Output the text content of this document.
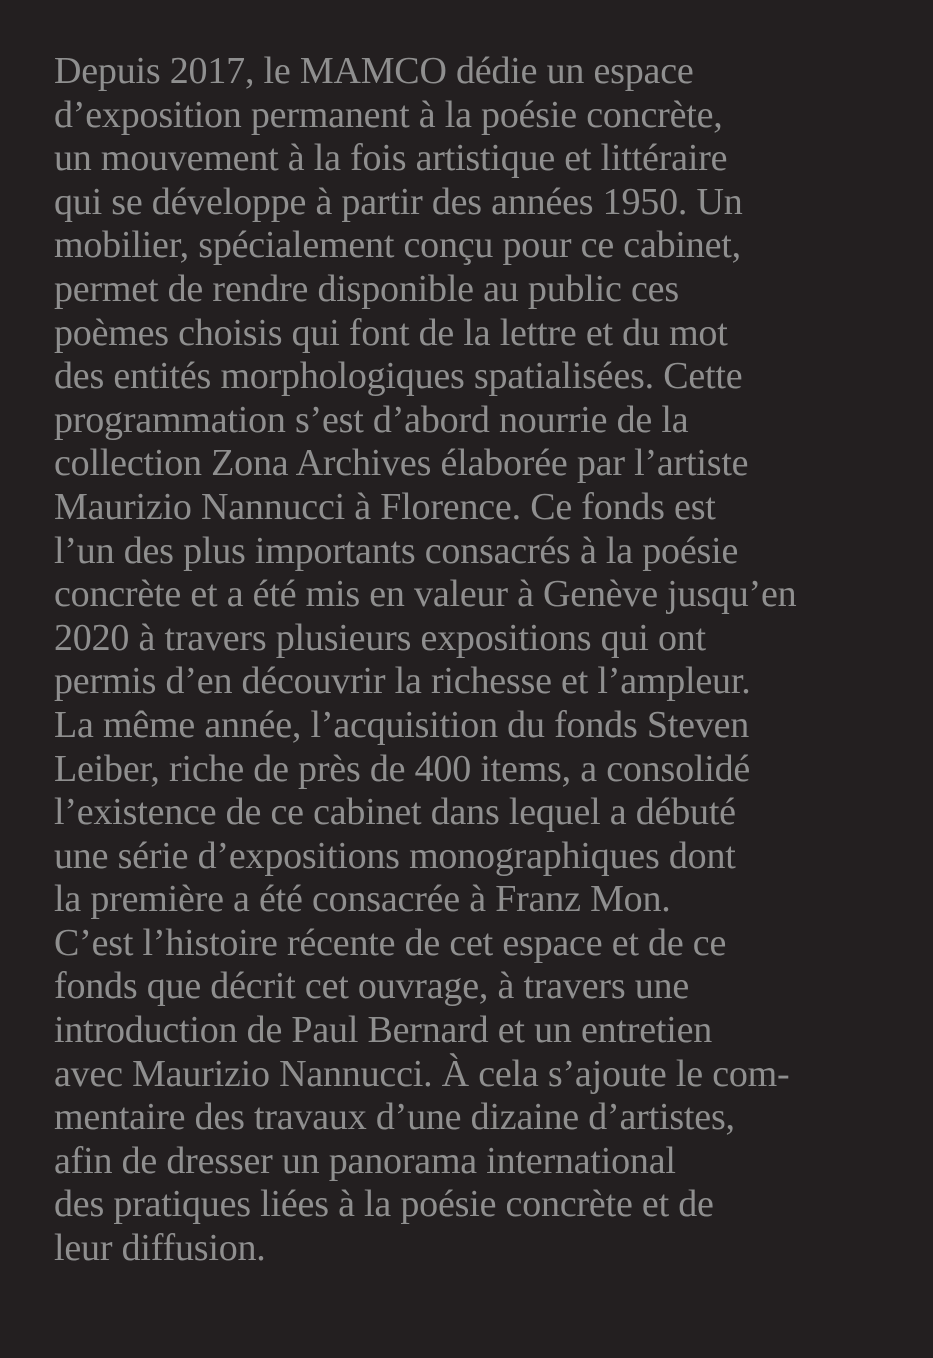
Depuis 2017, le MAMCO dédie un espace
d’exposition permanent à la poésie concrète,
un mouvement à la fois artistique et littéraire
qui se développe à partir des années 1950. Un
mobilier, spécialement conçu pour ce cabinet,
permet de rendre disponible au public ces
poèmes choisis qui font de la lettre et du mot
des entités morphologiques spatialisées. Cette
programmation s’est d’abord nourrie de la
collection Zona Archives élaborée par l’artiste
Maurizio Nannucci à Florence. Ce fonds est
l’un des plus importants consacrés à la poésie
concrète et a été mis en valeur à Genève jusqu’en
2020 à travers plusieurs expositions qui ont
permis d’en découvrir la richesse et l’ampleur.
La même année, l’acquisition du fonds Steven
Leiber, riche de près de 400 items, a consolidé
l’existence de ce cabinet dans lequel a débuté
une série d’expositions monographiques dont
la première a été consacrée à Franz Mon.
C’est l’histoire récente de cet espace et de ce
fonds que décrit cet ouvrage, à travers une
introduction de Paul Bernard et un entretien
avec Maurizio Nannucci. À cela s’ajoute le com-
mentaire des travaux d’une dizaine d’artistes,
afin de dresser un panorama international
des pratiques liées à la poésie concrète et de
leur diffusion.
